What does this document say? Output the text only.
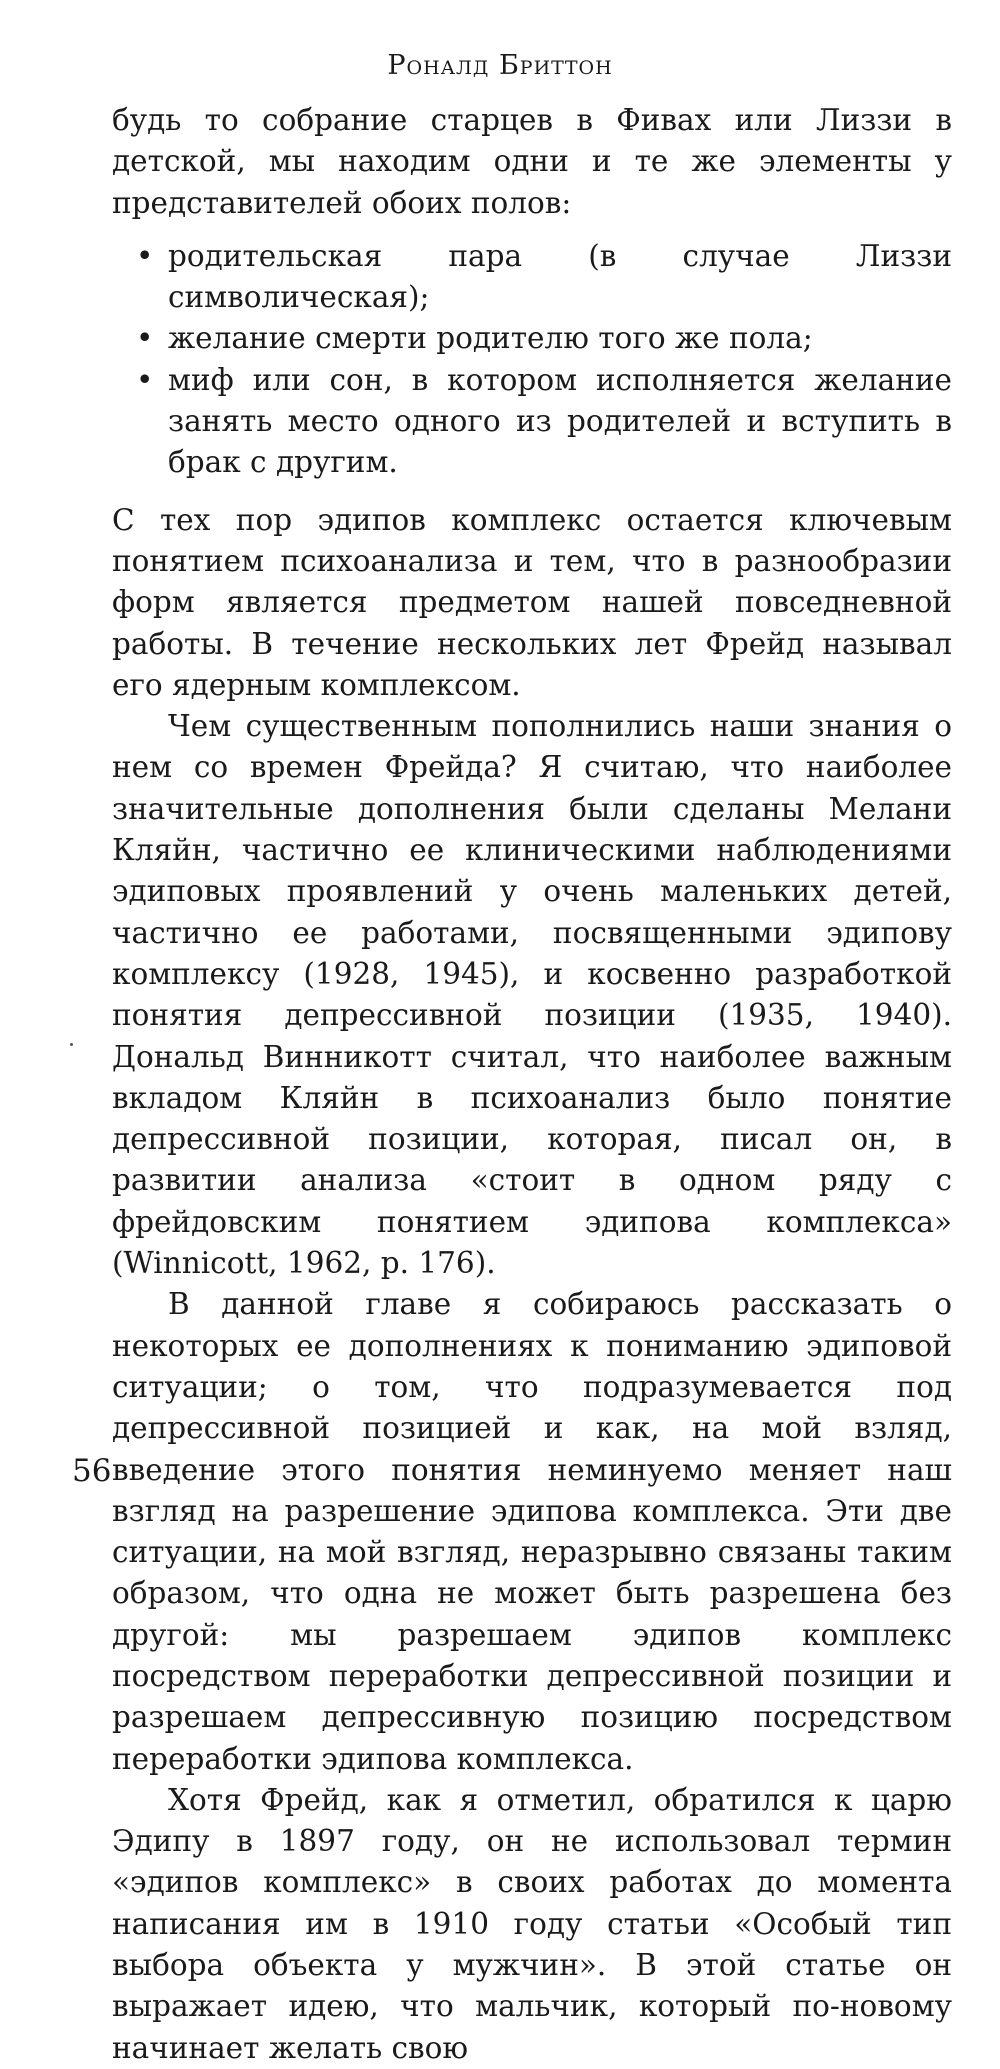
Роналд Бриттон

будь то собрание старцев в Фивах или Лиззи в детской, мы находим одни и те же элементы у представителей обоих полов:

• родительская пара (в случае Лиззи символическая);
• желание смерти родителю того же пола;
• миф или сон, в котором исполняется желание занять место одного из родителей и вступить в брак с другим.

С тех пор эдипов комплекс остается ключевым понятием психоанализа и тем, что в разнообразии форм является предметом нашей повседневной работы. В течение нескольких лет Фрейд называл его ядерным комплексом.

Чем существенным пополнились наши знания о нем со времен Фрейда? Я считаю, что наиболее значительные дополнения были сделаны Мелани Кляйн, частично ее клиническими наблюдениями эдиповых проявлений у очень маленьких детей, частично ее работами, посвященными эдипову комплексу (1928, 1945), и косвенно разработкой понятия депрессивной позиции (1935, 1940). Дональд Винникотт считал, что наиболее важным вкладом Кляйн в психоанализ было понятие депрессивной позиции, которая, писал он, в развитии анализа «стоит в одном ряду с фрейдовским понятием эдипова комплекса» (Winnicott, 1962, p. 176).

В данной главе я собираюсь рассказать о некоторых ее дополнениях к пониманию эдиповой ситуации; о том, что подразумевается под депрессивной позицией и как, на мой взляд, введение этого понятия неминуемо меняет наш взгляд на разрешение эдипова комплекса. Эти две ситуации, на мой взгляд, неразрывно связаны таким образом, что одна не может быть разрешена без другой: мы разрешаем эдипов комплекс посредством переработки депрессивной позиции и разрешаем депрессивную позицию посредством переработки эдипова комплекса.

Хотя Фрейд, как я отметил, обратился к царю Эдипу в 1897 году, он не использовал термин «эдипов комплекс» в своих работах до момента написания им в 1910 году статьи «Особый тип выбора объекта у мужчин». В этой статье он выражает идею, что мальчик, который по-новому начинает желать свою

56
